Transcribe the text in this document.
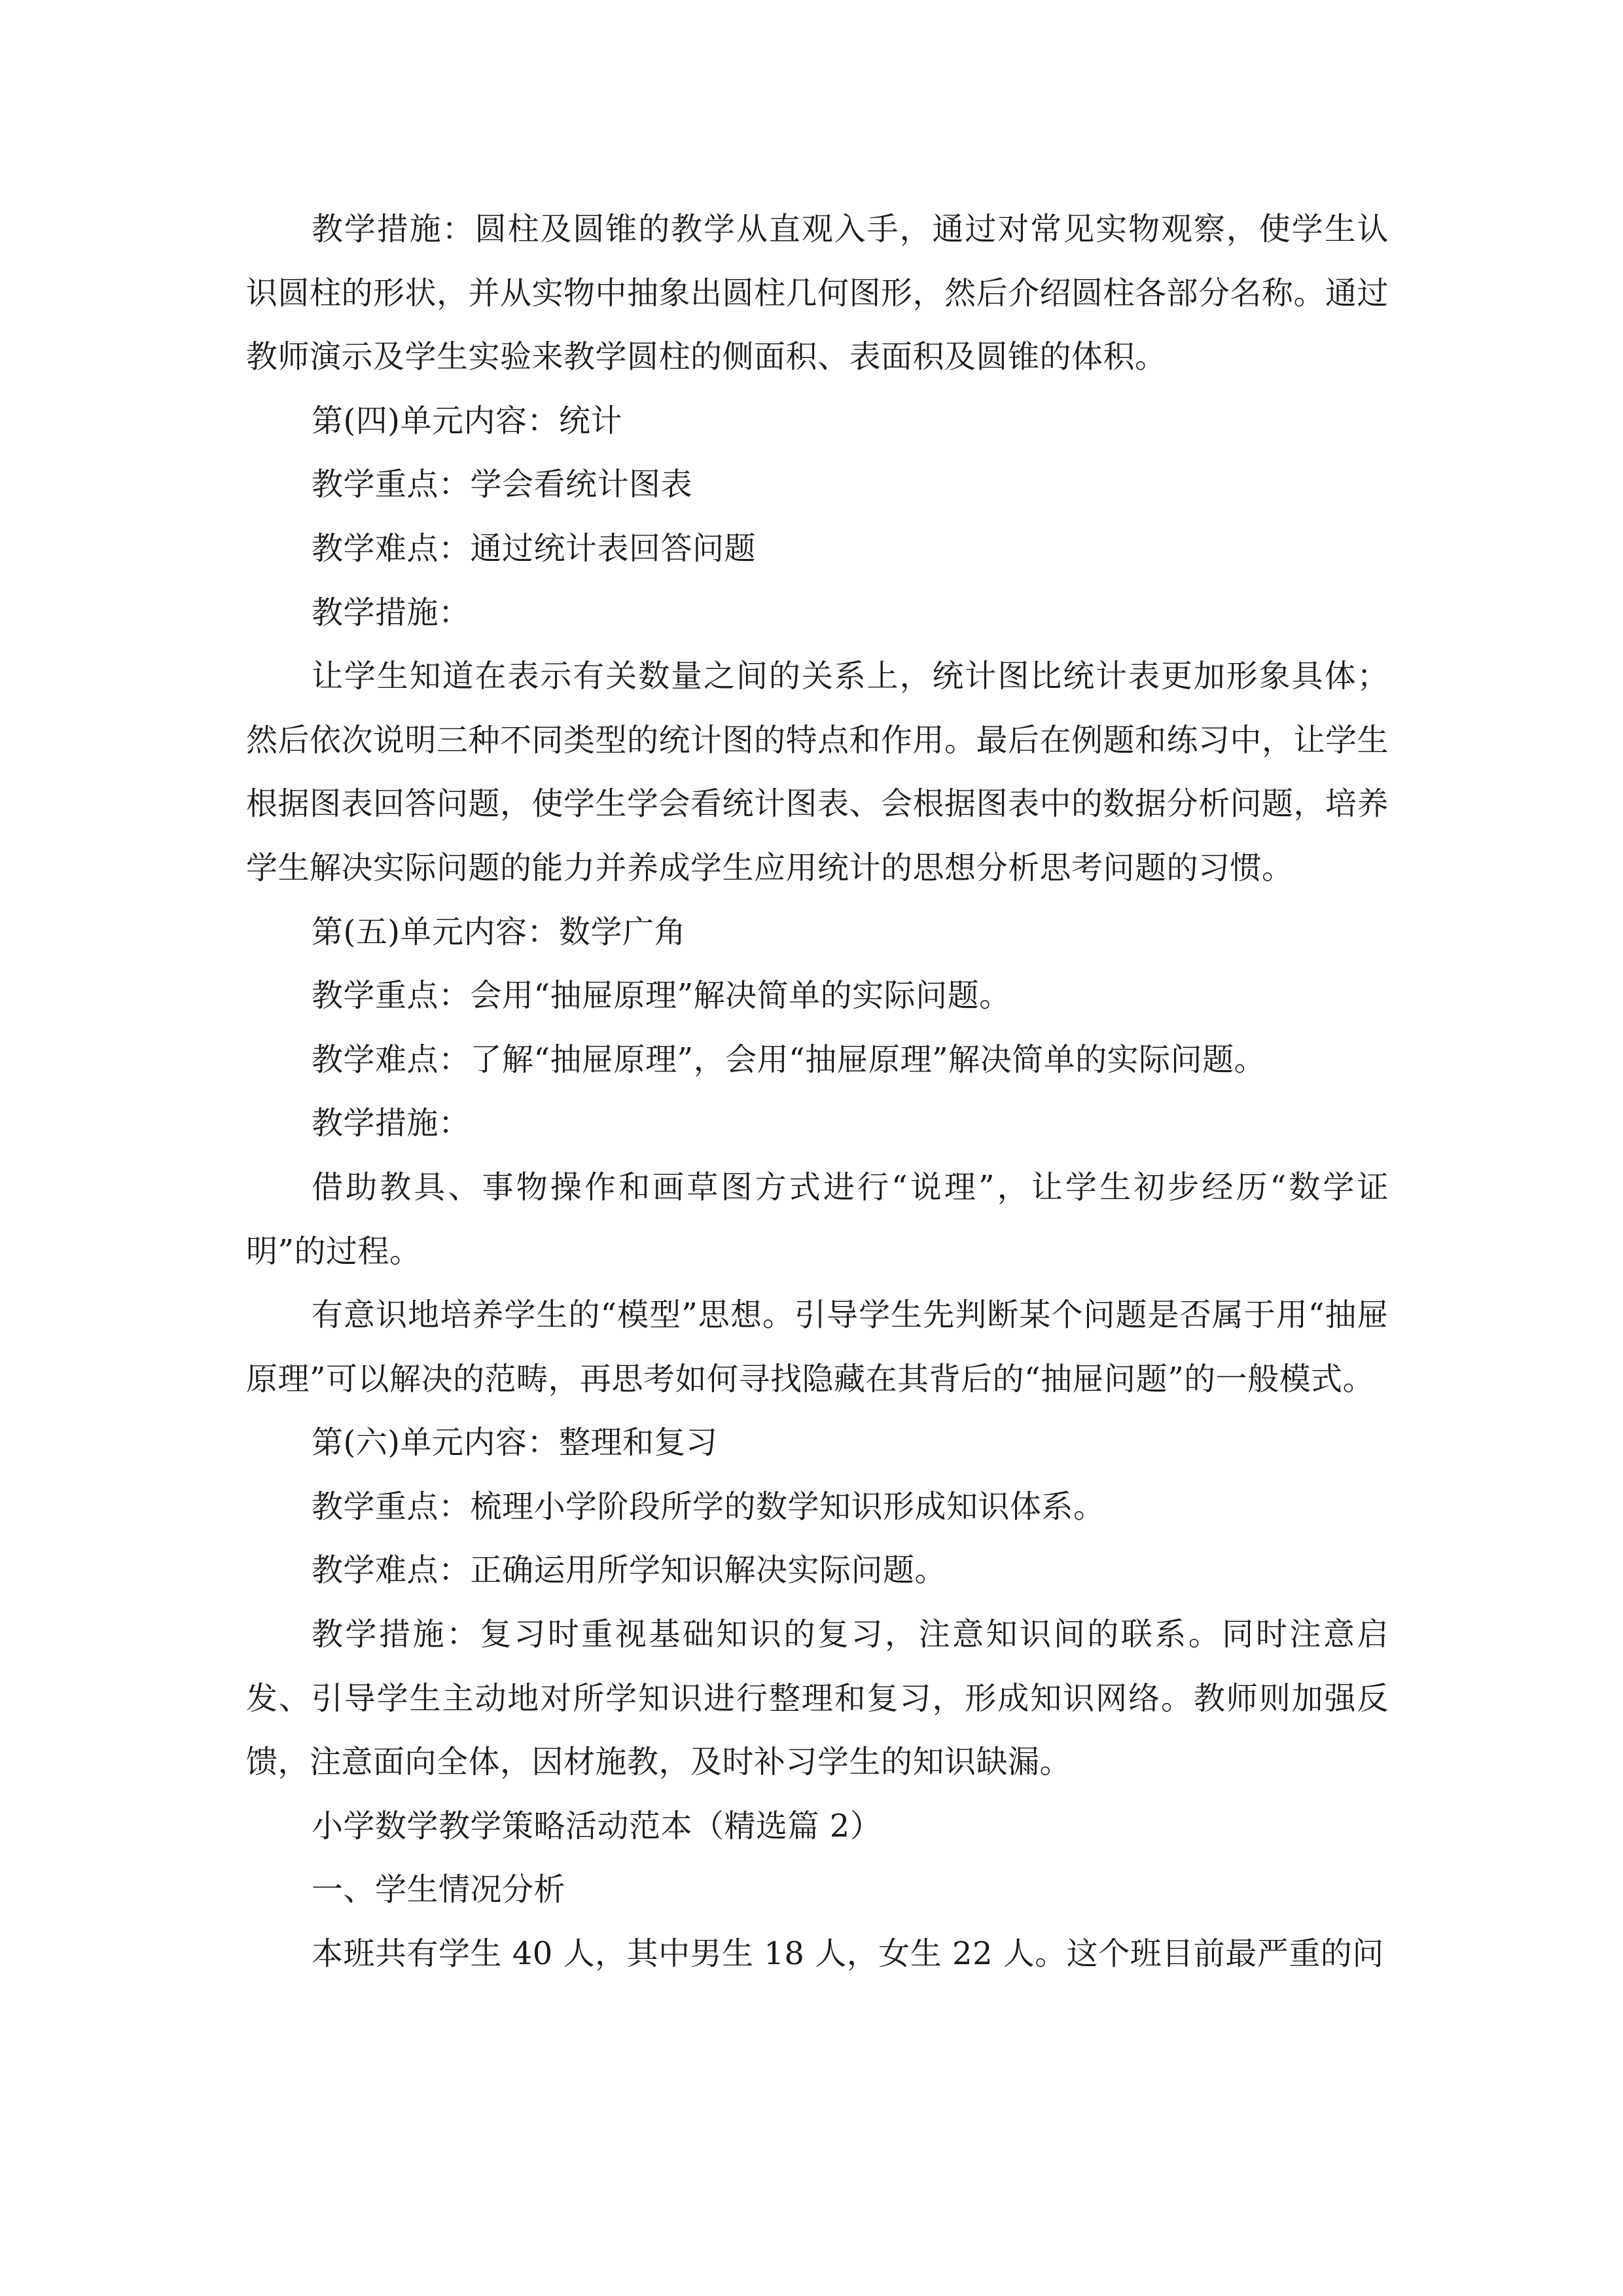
教学措施：圆柱及圆锥的教学从直观入手，通过对常见实物观察，使学生认识圆柱的形状，并从实物中抽象出圆柱几何图形，然后介绍圆柱各部分名称。通过教师演示及学生实验来教学圆柱的侧面积、表面积及圆锥的体积。

第(四)单元内容：统计

教学重点：学会看统计图表

教学难点：通过统计表回答问题

教学措施：

让学生知道在表示有关数量之间的关系上，统计图比统计表更加形象具体；然后依次说明三种不同类型的统计图的特点和作用。最后在例题和练习中，让学生根据图表回答问题，使学生学会看统计图表、会根据图表中的数据分析问题，培养学生解决实际问题的能力并养成学生应用统计的思想分析思考问题的习惯。

第(五)单元内容：数学广角

教学重点：会用“抽屉原理”解决简单的实际问题。

教学难点：了解“抽屉原理”，会用“抽屉原理”解决简单的实际问题。

教学措施：

借助教具、事物操作和画草图方式进行“说理”，让学生初步经历“数学证明”的过程。

有意识地培养学生的“模型”思想。引导学生先判断某个问题是否属于用“抽屉原理”可以解决的范畴，再思考如何寻找隐藏在其背后的“抽屉问题”的一般模式。

第(六)单元内容：整理和复习

教学重点：梳理小学阶段所学的数学知识形成知识体系。

教学难点：正确运用所学知识解决实际问题。

教学措施：复习时重视基础知识的复习，注意知识间的联系。同时注意启发、引导学生主动地对所学知识进行整理和复习，形成知识网络。教师则加强反馈，注意面向全体，因材施教，及时补习学生的知识缺漏。

小学数学教学策略活动范本（精选篇 2）

一、学生情况分析

本班共有学生 40 人，其中男生 18 人，女生 22 人。这个班目前最严重的问
